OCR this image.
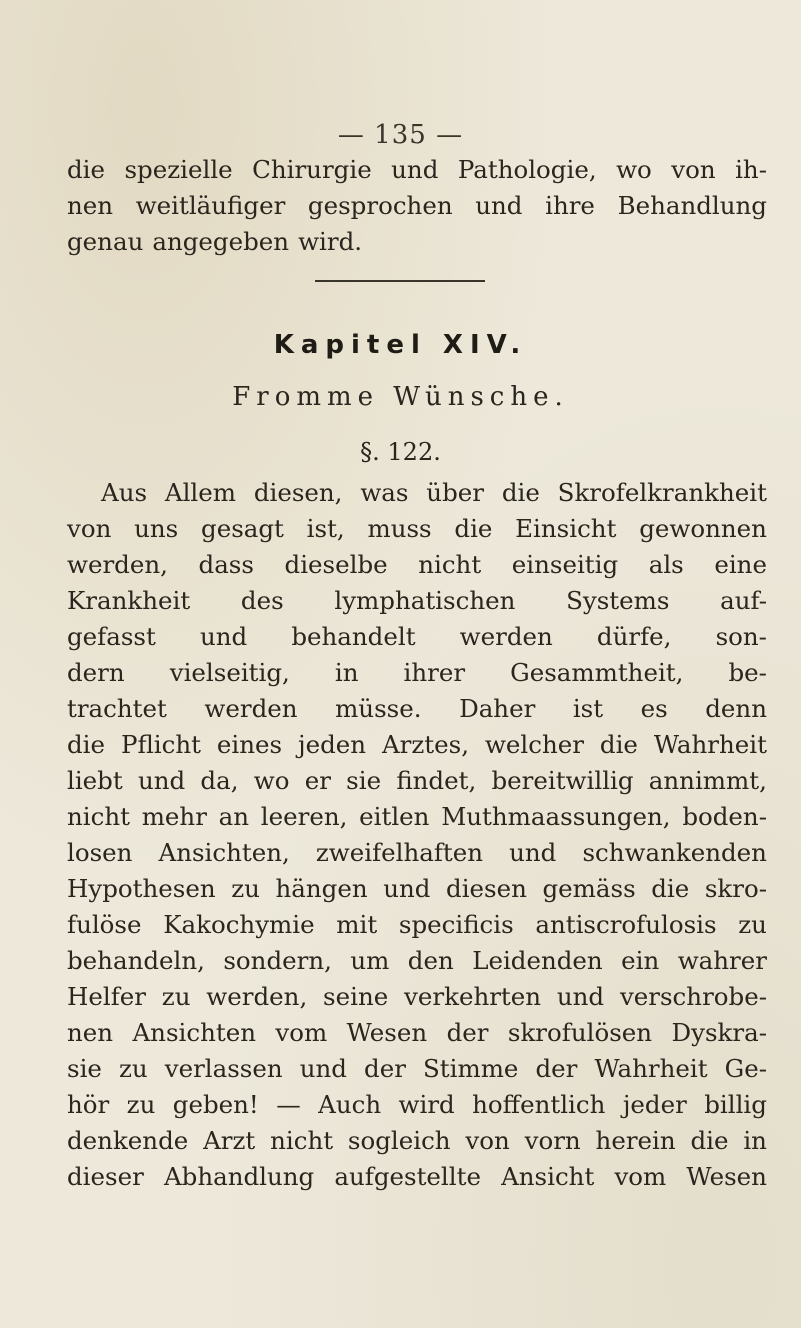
— 135 —
die spezielle Chirurgie und Pathologie, wo von ih-
nen weitläufiger gesprochen und ihre Behandlung
genau angegeben wird.
Kapitel XIV.
Fromme Wünsche.
§. 122.
Aus Allem diesen, was über die Skrofelkrankheit
von uns gesagt ist, muss die Einsicht gewonnen
werden, dass dieselbe nicht einseitig als eine
Krankheit des lymphatischen Systems auf-
gefasst und behandelt werden dürfe, son-
dern vielseitig, in ihrer Gesammtheit, be-
trachtet werden müsse. Daher ist es denn
die Pflicht eines jeden Arztes, welcher die Wahrheit
liebt und da, wo er sie findet, bereitwillig annimmt,
nicht mehr an leeren, eitlen Muthmaassungen, boden-
losen Ansichten, zweifelhaften und schwankenden
Hypothesen zu hängen und diesen gemäss die skro-
fulöse Kakochymie mit specificis antiscrofulosis zu
behandeln, sondern, um den Leidenden ein wahrer
Helfer zu werden, seine verkehrten und verschrobe-
nen Ansichten vom Wesen der skrofulösen Dyskra-
sie zu verlassen und der Stimme der Wahrheit Ge-
hör zu geben! — Auch wird hoffentlich jeder billig
denkende Arzt nicht sogleich von vorn herein die in
dieser Abhandlung aufgestellte Ansicht vom Wesen
